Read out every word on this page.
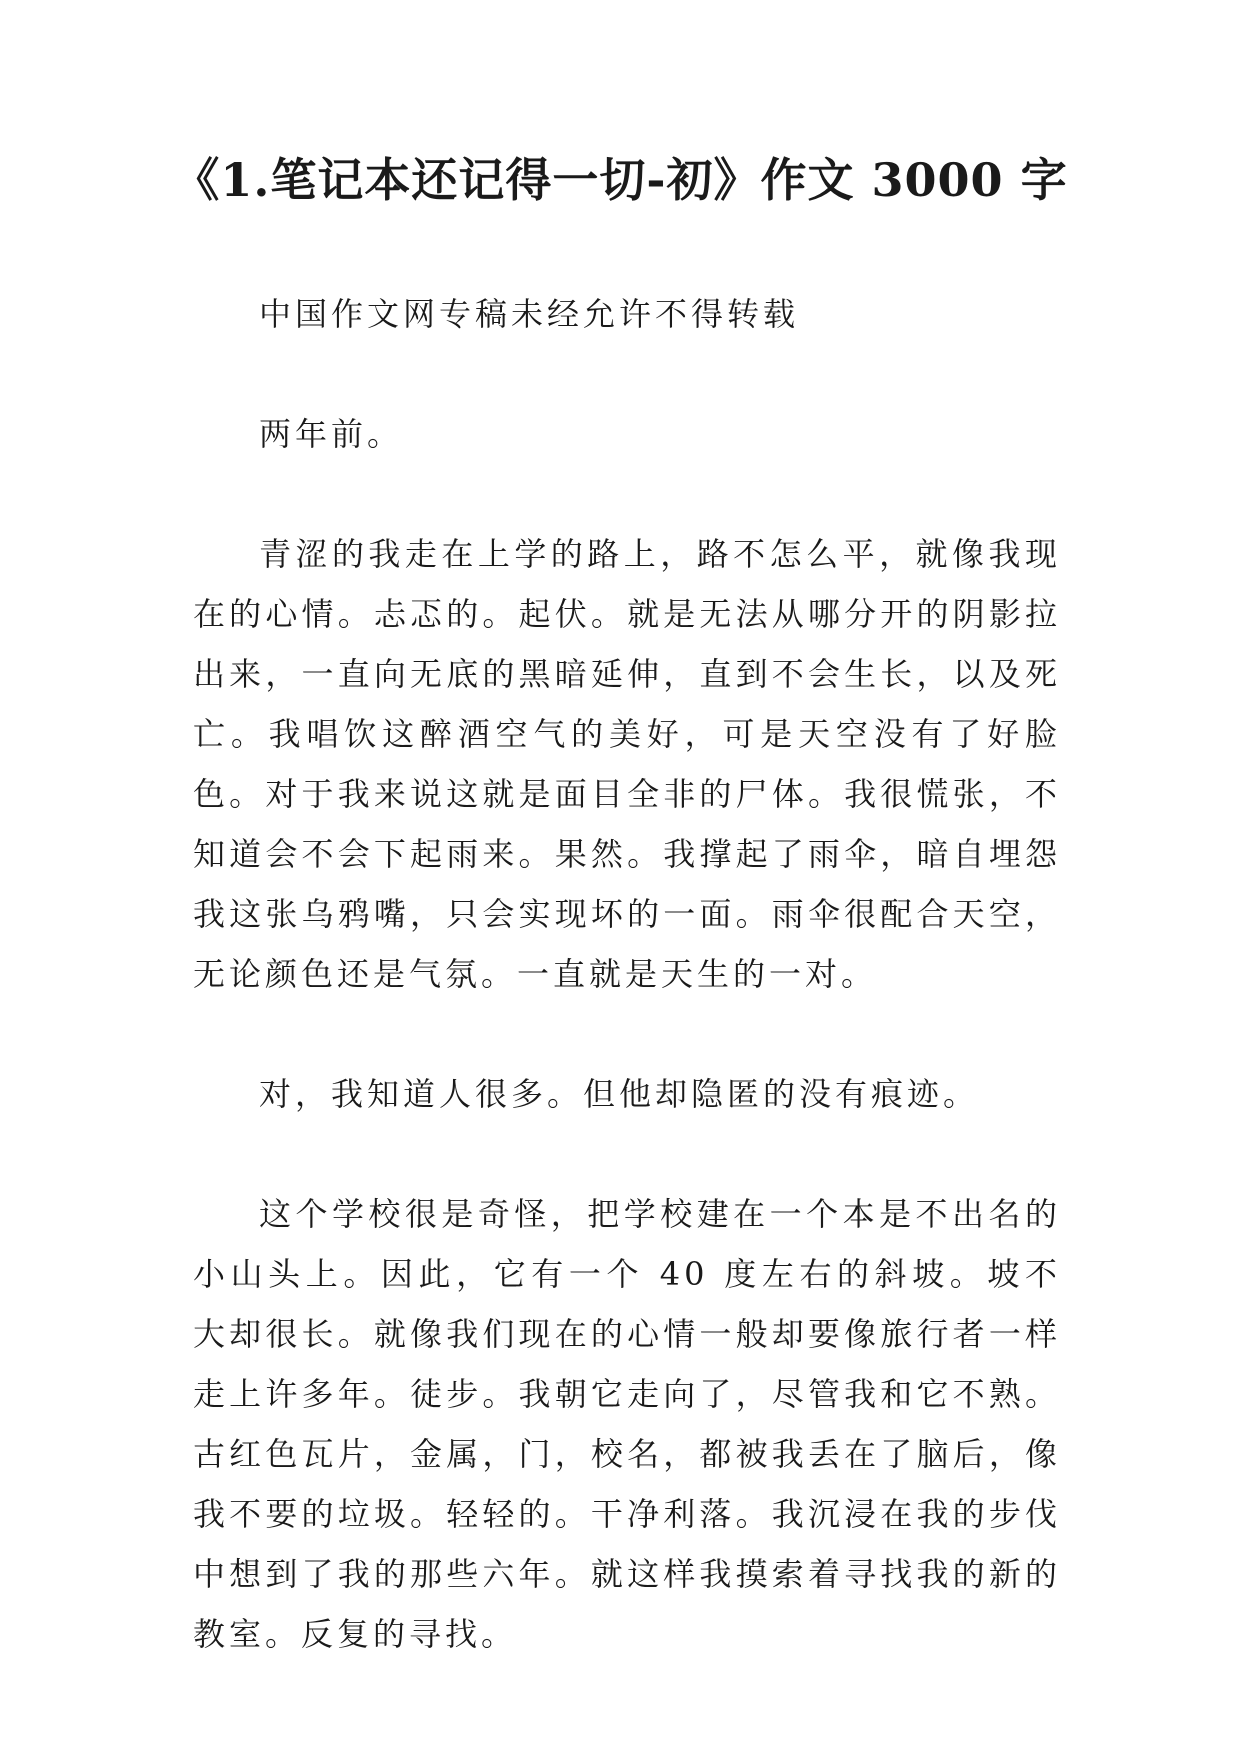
《1.笔记本还记得一切-初》作文 3000 字

中国作文网专稿未经允许不得转载

两年前。

青涩的我走在上学的路上，路不怎么平，就像我现在的心情。忐忑的。起伏。就是无法从哪分开的阴影拉出来，一直向无底的黑暗延伸，直到不会生长，以及死亡。我唱饮这醉酒空气的美好，可是天空没有了好脸色。对于我来说这就是面目全非的尸体。我很慌张，不知道会不会下起雨来。果然。我撑起了雨伞，暗自埋怨我这张乌鸦嘴，只会实现坏的一面。雨伞很配合天空，无论颜色还是气氛。一直就是天生的一对。

对，我知道人很多。但他却隐匿的没有痕迹。

这个学校很是奇怪，把学校建在一个本是不出名的小山头上。因此，它有一个 40 度左右的斜坡。坡不大却很长。就像我们现在的心情一般却要像旅行者一样走上许多年。徒步。我朝它走向了，尽管我和它不熟。古红色瓦片，金属，门，校名，都被我丢在了脑后，像我不要的垃圾。轻轻的。干净利落。我沉浸在我的步伐中想到了我的那些六年。就这样我摸索着寻找我的新的教室。反复的寻找。
